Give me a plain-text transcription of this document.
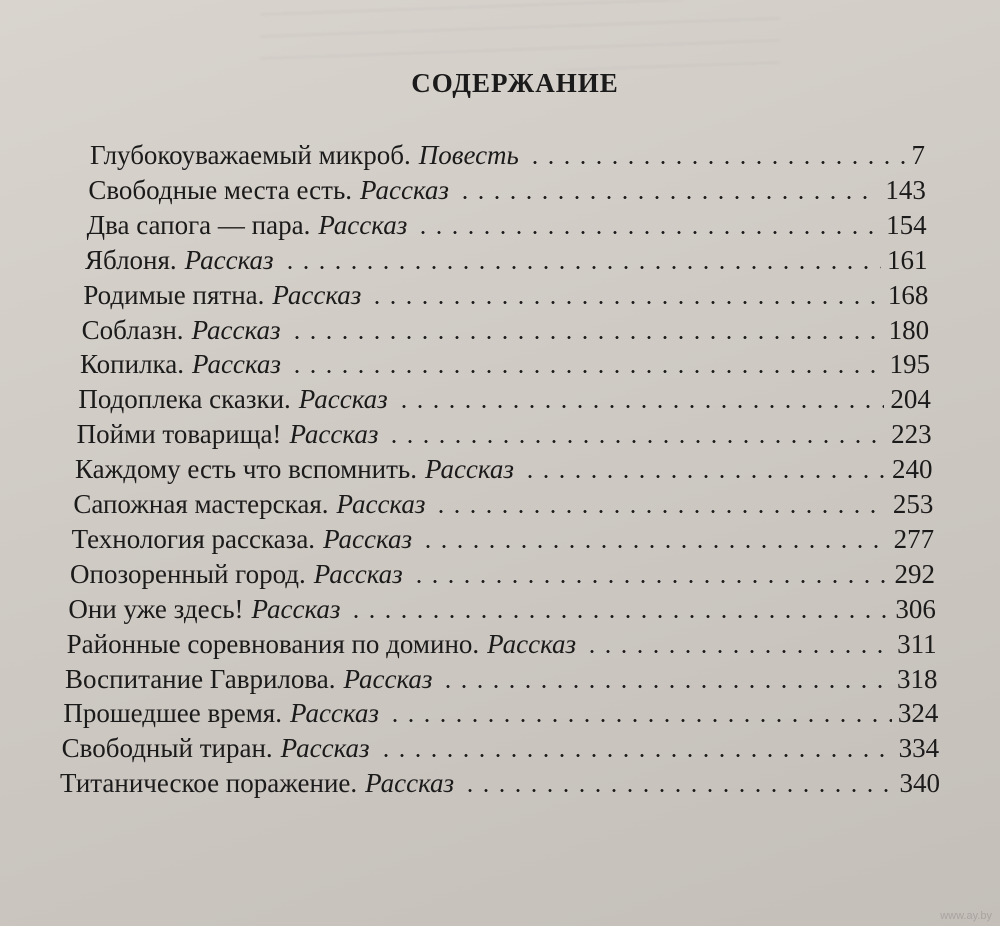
СОДЕРЖАНИЕ
Глубокоуважаемый микроб. Повесть	7
Свободные места есть. Рассказ	143
Два сапога — пара. Рассказ	154
Яблоня. Рассказ	161
Родимые пятна. Рассказ	168
Соблазн. Рассказ	180
Копилка. Рассказ	195
Подоплека сказки. Рассказ	204
Пойми товарища! Рассказ	223
Каждому есть что вспомнить. Рассказ	240
Сапожная мастерская. Рассказ	253
Технология рассказа. Рассказ	277
Опозоренный город. Рассказ	292
Они уже здесь! Рассказ	306
Районные соревнования по домино. Рассказ	311
Воспитание Гаврилова. Рассказ	318
Прошедшее время. Рассказ	324
Свободный тиран. Рассказ	334
Титаническое поражение. Рассказ	340
www.ay.by
